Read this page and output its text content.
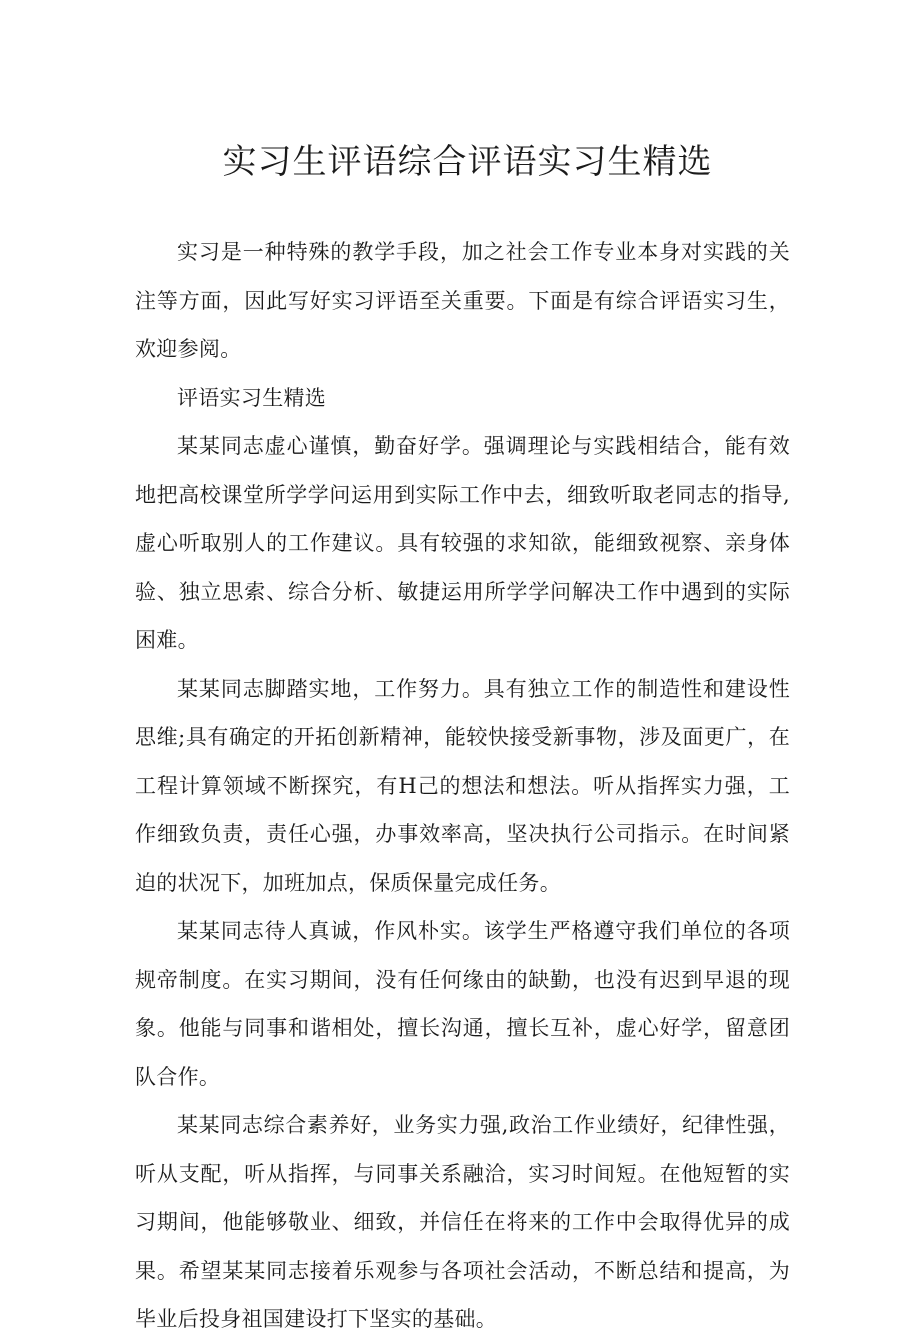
实习生评语综合评语实习生精选

实习是一种特殊的教学手段，加之社会工作专业本身对实践的关注等方面，因此写好实习评语至关重要。下面是有综合评语实习生，欢迎参阅。

评语实习生精选

某某同志虚心谨慎，勤奋好学。强调理论与实践相结合，能有效地把高校课堂所学学问运用到实际工作中去，细致听取老同志的指导,虚心听取别人的工作建议。具有较强的求知欲，能细致视察、亲身体验、独立思索、综合分析、敏捷运用所学学问解决工作中遇到的实际困难。

某某同志脚踏实地，工作努力。具有独立工作的制造性和建设性思维;具有确定的开拓创新精神，能较快接受新事物，涉及面更广，在工程计算领域不断探究，有H己的想法和想法。听从指挥实力强，工作细致负责，责任心强，办事效率高，坚决执行公司指示。在时间紧迫的状况下，加班加点，保质保量完成任务。

某某同志待人真诚，作风朴实。该学生严格遵守我们单位的各项规帝制度。在实习期间，没有任何缘由的缺勤，也没有迟到早退的现象。他能与同事和谐相处，擅长沟通，擅长互补，虚心好学，留意团队合作。

某某同志综合素养好，业务实力强,政治工作业绩好，纪律性强，听从支配，听从指挥，与同事关系融洽，实习时间短。在他短暂的实习期间，他能够敬业、细致，并信任在将来的工作中会取得优异的成果。希望某某同志接着乐观参与各项社会活动，不断总结和提高，为毕业后投身祖国建设打下坚实的基础。
